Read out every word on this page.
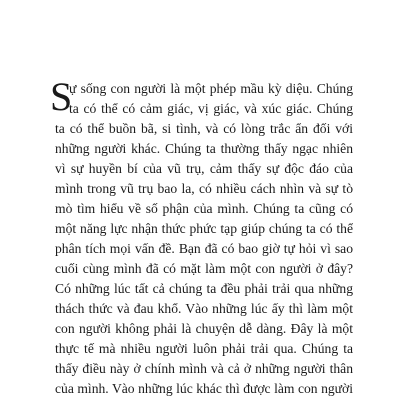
S
ự sống con người là một phép mầu kỳ diệu. Chúng
ta có thể có cảm giác, vị giác, và xúc giác. Chúng
ta có thể buồn bã, si tình, và có lòng trắc ẩn đối với
những người khác. Chúng ta thường thấy ngạc nhiên
vì sự huyền bí của vũ trụ, cảm thấy sự độc đáo của
mình trong vũ trụ bao la, có nhiều cách nhìn và sự tò
mò tìm hiểu về số phận của mình. Chúng ta cũng có
một năng lực nhận thức phức tạp giúp chúng ta có thể
phân tích mọi vấn đề. Bạn đã có bao giờ tự hỏi vì sao
cuối cùng mình đã có mặt làm một con người ở đây?
Có những lúc tất cả chúng ta đều phải trải qua những
thách thức và đau khổ. Vào những lúc ấy thì làm một
con người không phải là chuyện dễ dàng. Đây là một
thực tế mà nhiều người luôn phải trải qua. Chúng ta
thấy điều này ở chính mình và cả ở những người thân
của mình. Vào những lúc khác thì được làm con người
